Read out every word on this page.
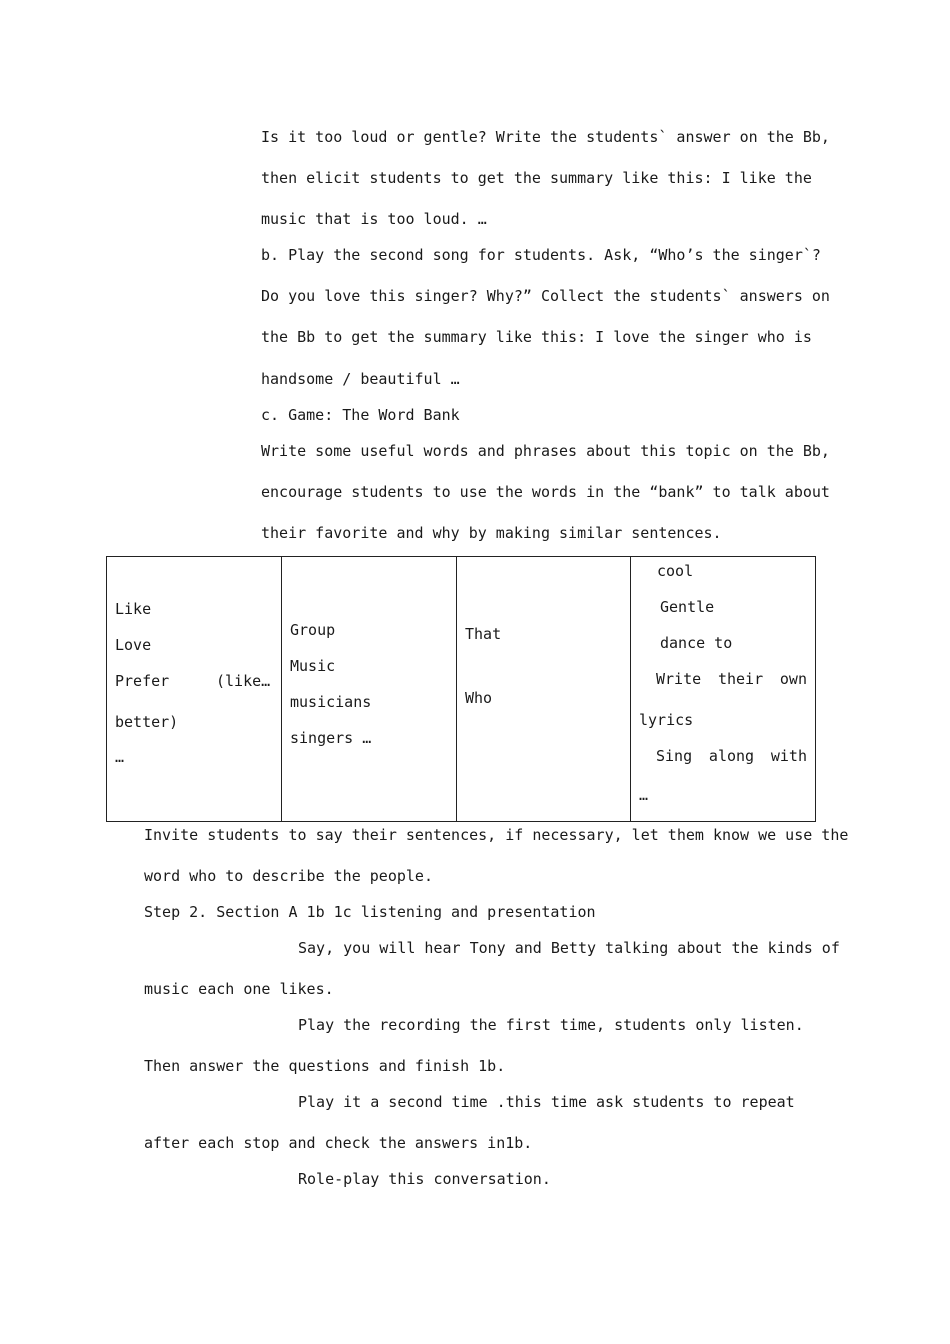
Is it too loud or gentle? Write the students` answer on the Bb,
then elicit students to get the summary like this: I like the
music that is too loud. …
b. Play the second song for students. Ask, “Who’s the singer`?
Do you love this singer? Why?” Collect the students` answers on
the Bb to get the summary like this: I love the singer who is
handsome / beautiful …
c. Game: The Word Bank
Write some useful words and phrases about this topic on the Bb,
encourage students to use the words in the “bank” to talk about
their favorite and why by making similar sentences.
Like
Love
Prefer	(like…
better)
…

Group
Music
musicians
singers …

That
Who

cool
Gentle
dance to
Write their own
lyrics
Sing along with
…
Invite students to say their sentences, if necessary, let them know we use the
word who to describe the people.
Step 2. Section A 1b 1c listening and presentation
Say, you will hear Tony and Betty talking about the kinds of
music each one likes.
Play the recording the first time, students only listen.
Then answer the questions and finish 1b.
Play it a second time .this time ask students to repeat
after each stop and check the answers in1b.
Role-play this conversation.
